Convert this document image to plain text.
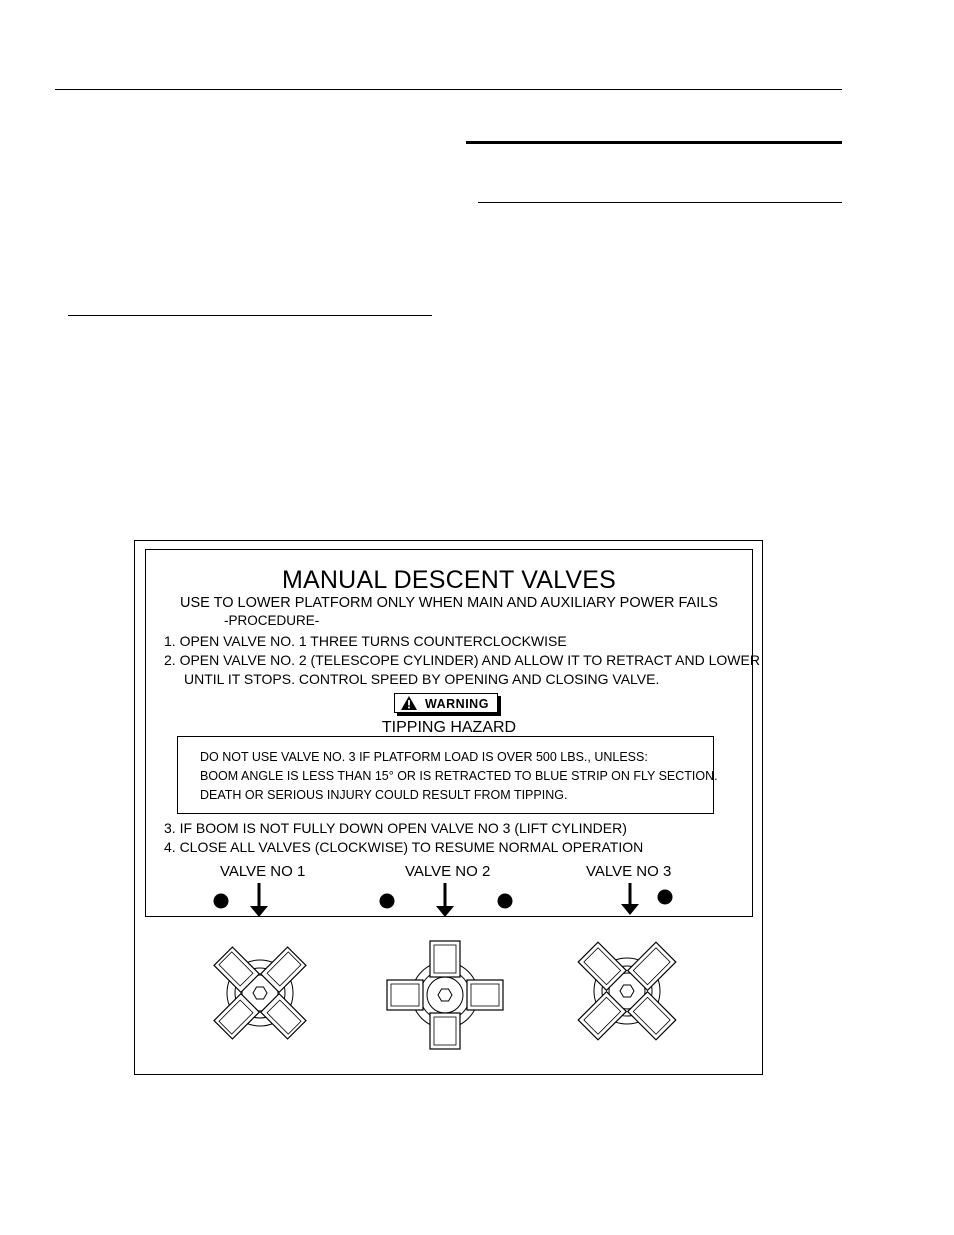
MANUAL DESCENT VALVES
USE TO LOWER PLATFORM ONLY WHEN MAIN AND AUXILIARY POWER FAILS
-PROCEDURE-
1. OPEN VALVE NO. 1 THREE TURNS COUNTERCLOCKWISE
2. OPEN VALVE NO. 2 (TELESCOPE CYLINDER) AND ALLOW IT TO RETRACT AND LOWER
UNTIL IT STOPS. CONTROL SPEED BY OPENING AND CLOSING VALVE.
WARNING
TIPPING HAZARD
DO NOT USE VALVE NO. 3 IF PLATFORM LOAD IS OVER 500 LBS., UNLESS:
BOOM ANGLE IS LESS THAN 15° OR IS RETRACTED TO BLUE STRIP ON FLY SECTION.
DEATH OR SERIOUS INJURY COULD RESULT FROM TIPPING.
3. IF BOOM IS NOT FULLY DOWN OPEN VALVE NO 3 (LIFT CYLINDER)
4. CLOSE ALL VALVES (CLOCKWISE) TO RESUME NORMAL OPERATION
VALVE NO 1	VALVE NO 2	VALVE NO 3
